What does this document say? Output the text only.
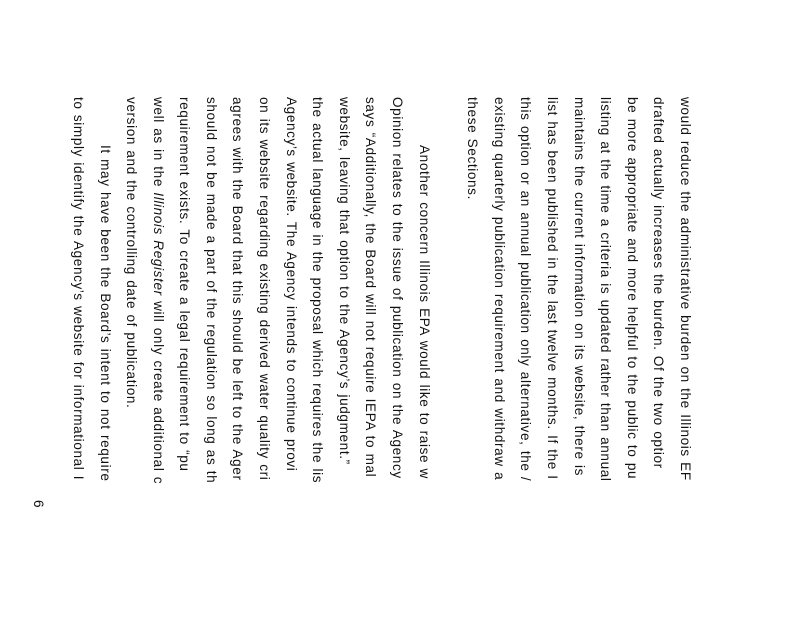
would reduce the administrative burden on the Illinois EF
drafted actually increases the burden. Of the two optior
be more appropriate and more helpful to the public to pu
listing at the time a criteria is updated rather than annual
maintains the current information on its website, there is
list has been published in the last twelve months. If the I
this option or an annual publication only alternative, the /
existing quarterly publication requirement and withdraw a
these Sections.
Another concern Illinois EPA would like to raise w
Opinion relates to the issue of publication on the Agency
says “Additionally, the Board will not require IEPA to mal
website, leaving that option to the Agency’s judgment.”
the actual language in the proposal which requires the lis
Agency’s website. The Agency intends to continue provi
on its website regarding existing derived water quality cri
agrees with the Board that this should be left to the Ager
should not be made a part of the regulation so long as th
requirement exists. To create a legal requirement to “pu
well as in the Illinois Register will only create additional c
version and the controlling date of publication.
It may have been the Board’s intent to not require
to simply identify the Agency’s website for informational I
6
